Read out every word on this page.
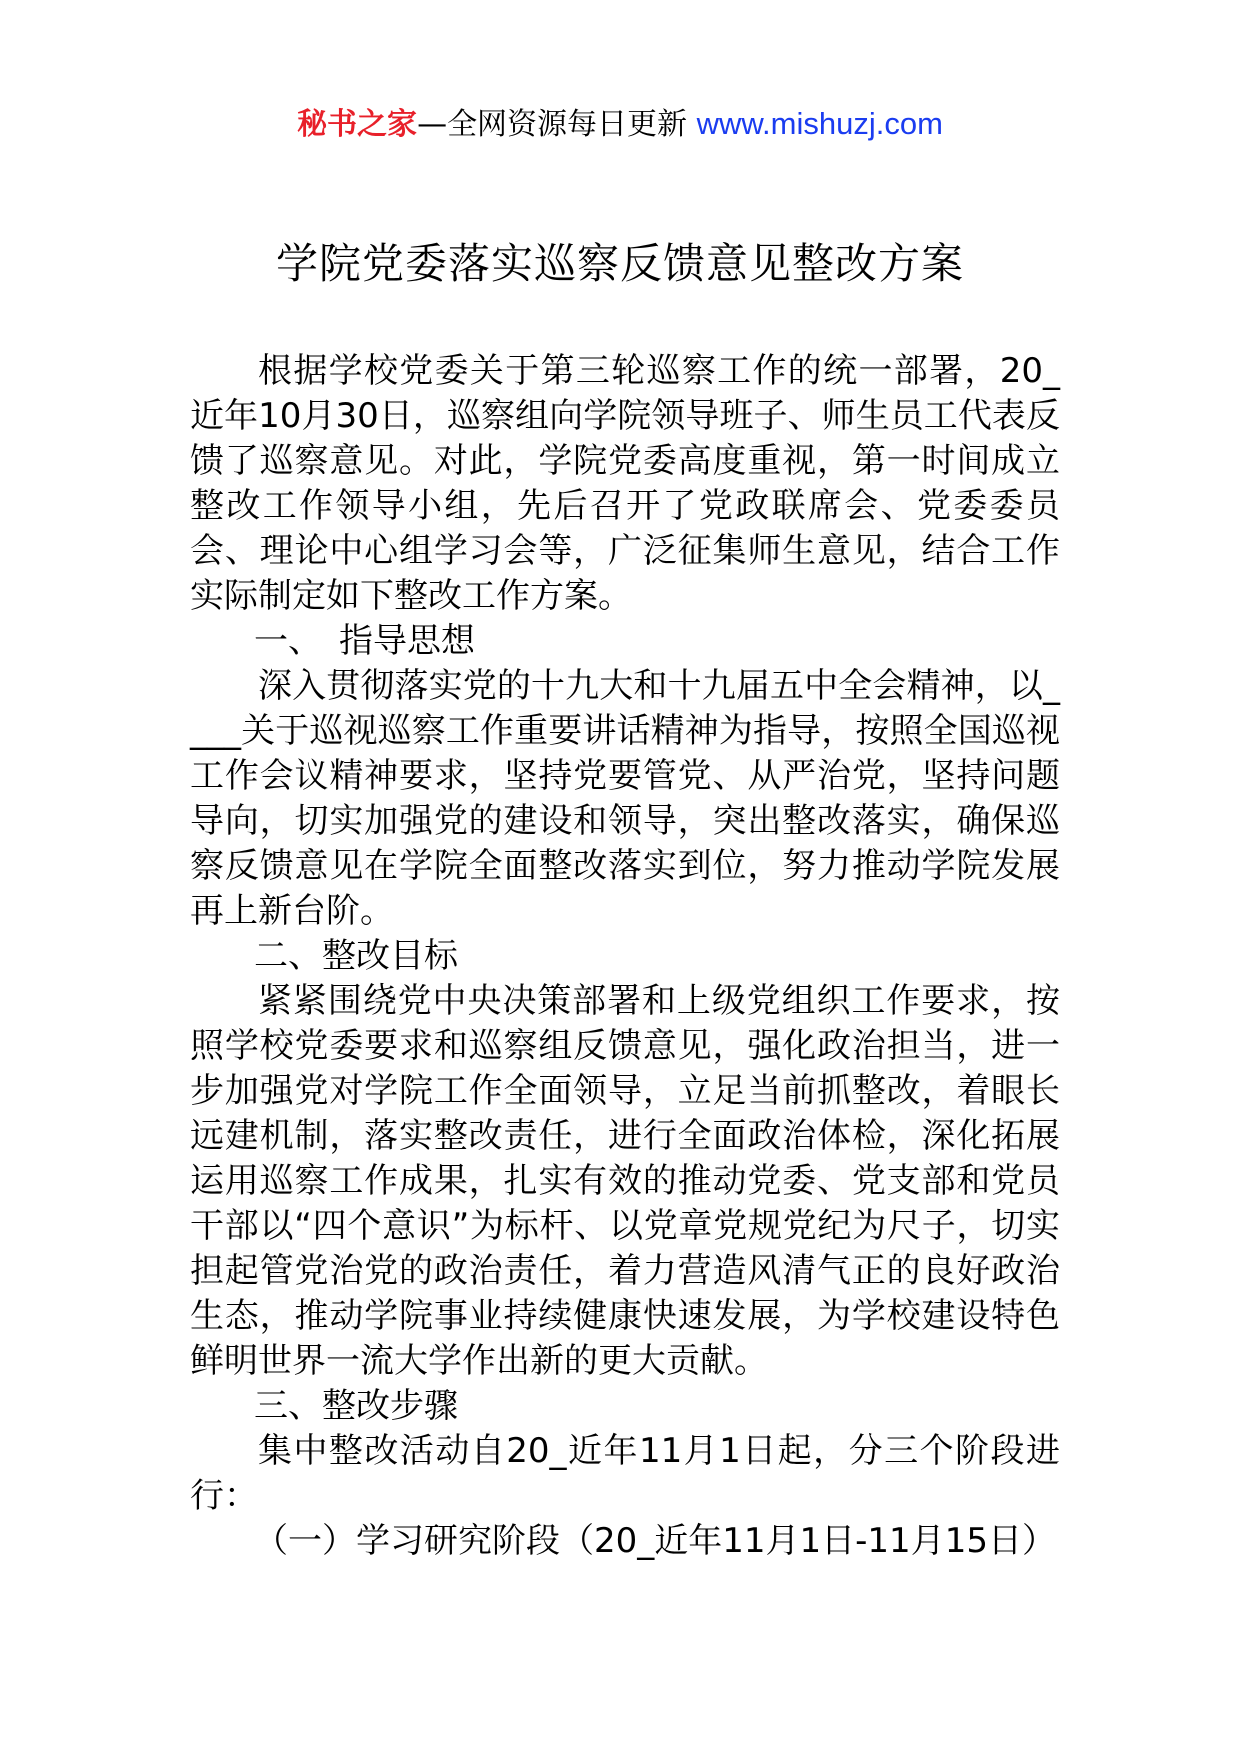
秘书之家—全网资源每日更新 www.mishuzj.com
学院党委落实巡察反馈意见整改方案

根据学校党委关于第三轮巡察工作的统一部署，20_近年10月30日，巡察组向学院领导班子、师生员工代表反馈了巡察意见。对此，学院党委高度重视，第一时间成立整改工作领导小组，先后召开了党政联席会、党委委员会、理论中心组学习会等，广泛征集师生意见，结合工作实际制定如下整改工作方案。

一、　指导思想

深入贯彻落实党的十九大和十九届五中全会精神，以____关于巡视巡察工作重要讲话精神为指导，按照全国巡视工作会议精神要求，坚持党要管党、从严治党，坚持问题导向，切实加强党的建设和领导，突出整改落实，确保巡察反馈意见在学院全面整改落实到位，努力推动学院发展再上新台阶。

二、整改目标

紧紧围绕党中央决策部署和上级党组织工作要求，按照学校党委要求和巡察组反馈意见，强化政治担当，进一步加强党对学院工作全面领导，立足当前抓整改，着眼长远建机制，落实整改责任，进行全面政治体检，深化拓展运用巡察工作成果，扎实有效的推动党委、党支部和党员干部以“四个意识”为标杆、以党章党规党纪为尺子，切实担起管党治党的政治责任，着力营造风清气正的良好政治生态，推动学院事业持续健康快速发展，为学校建设特色鲜明世界一流大学作出新的更大贡献。

三、整改步骤

集中整改活动自20_近年11月1日起，分三个阶段进行：

（一）学习研究阶段（20_近年11月1日-11月15日）
